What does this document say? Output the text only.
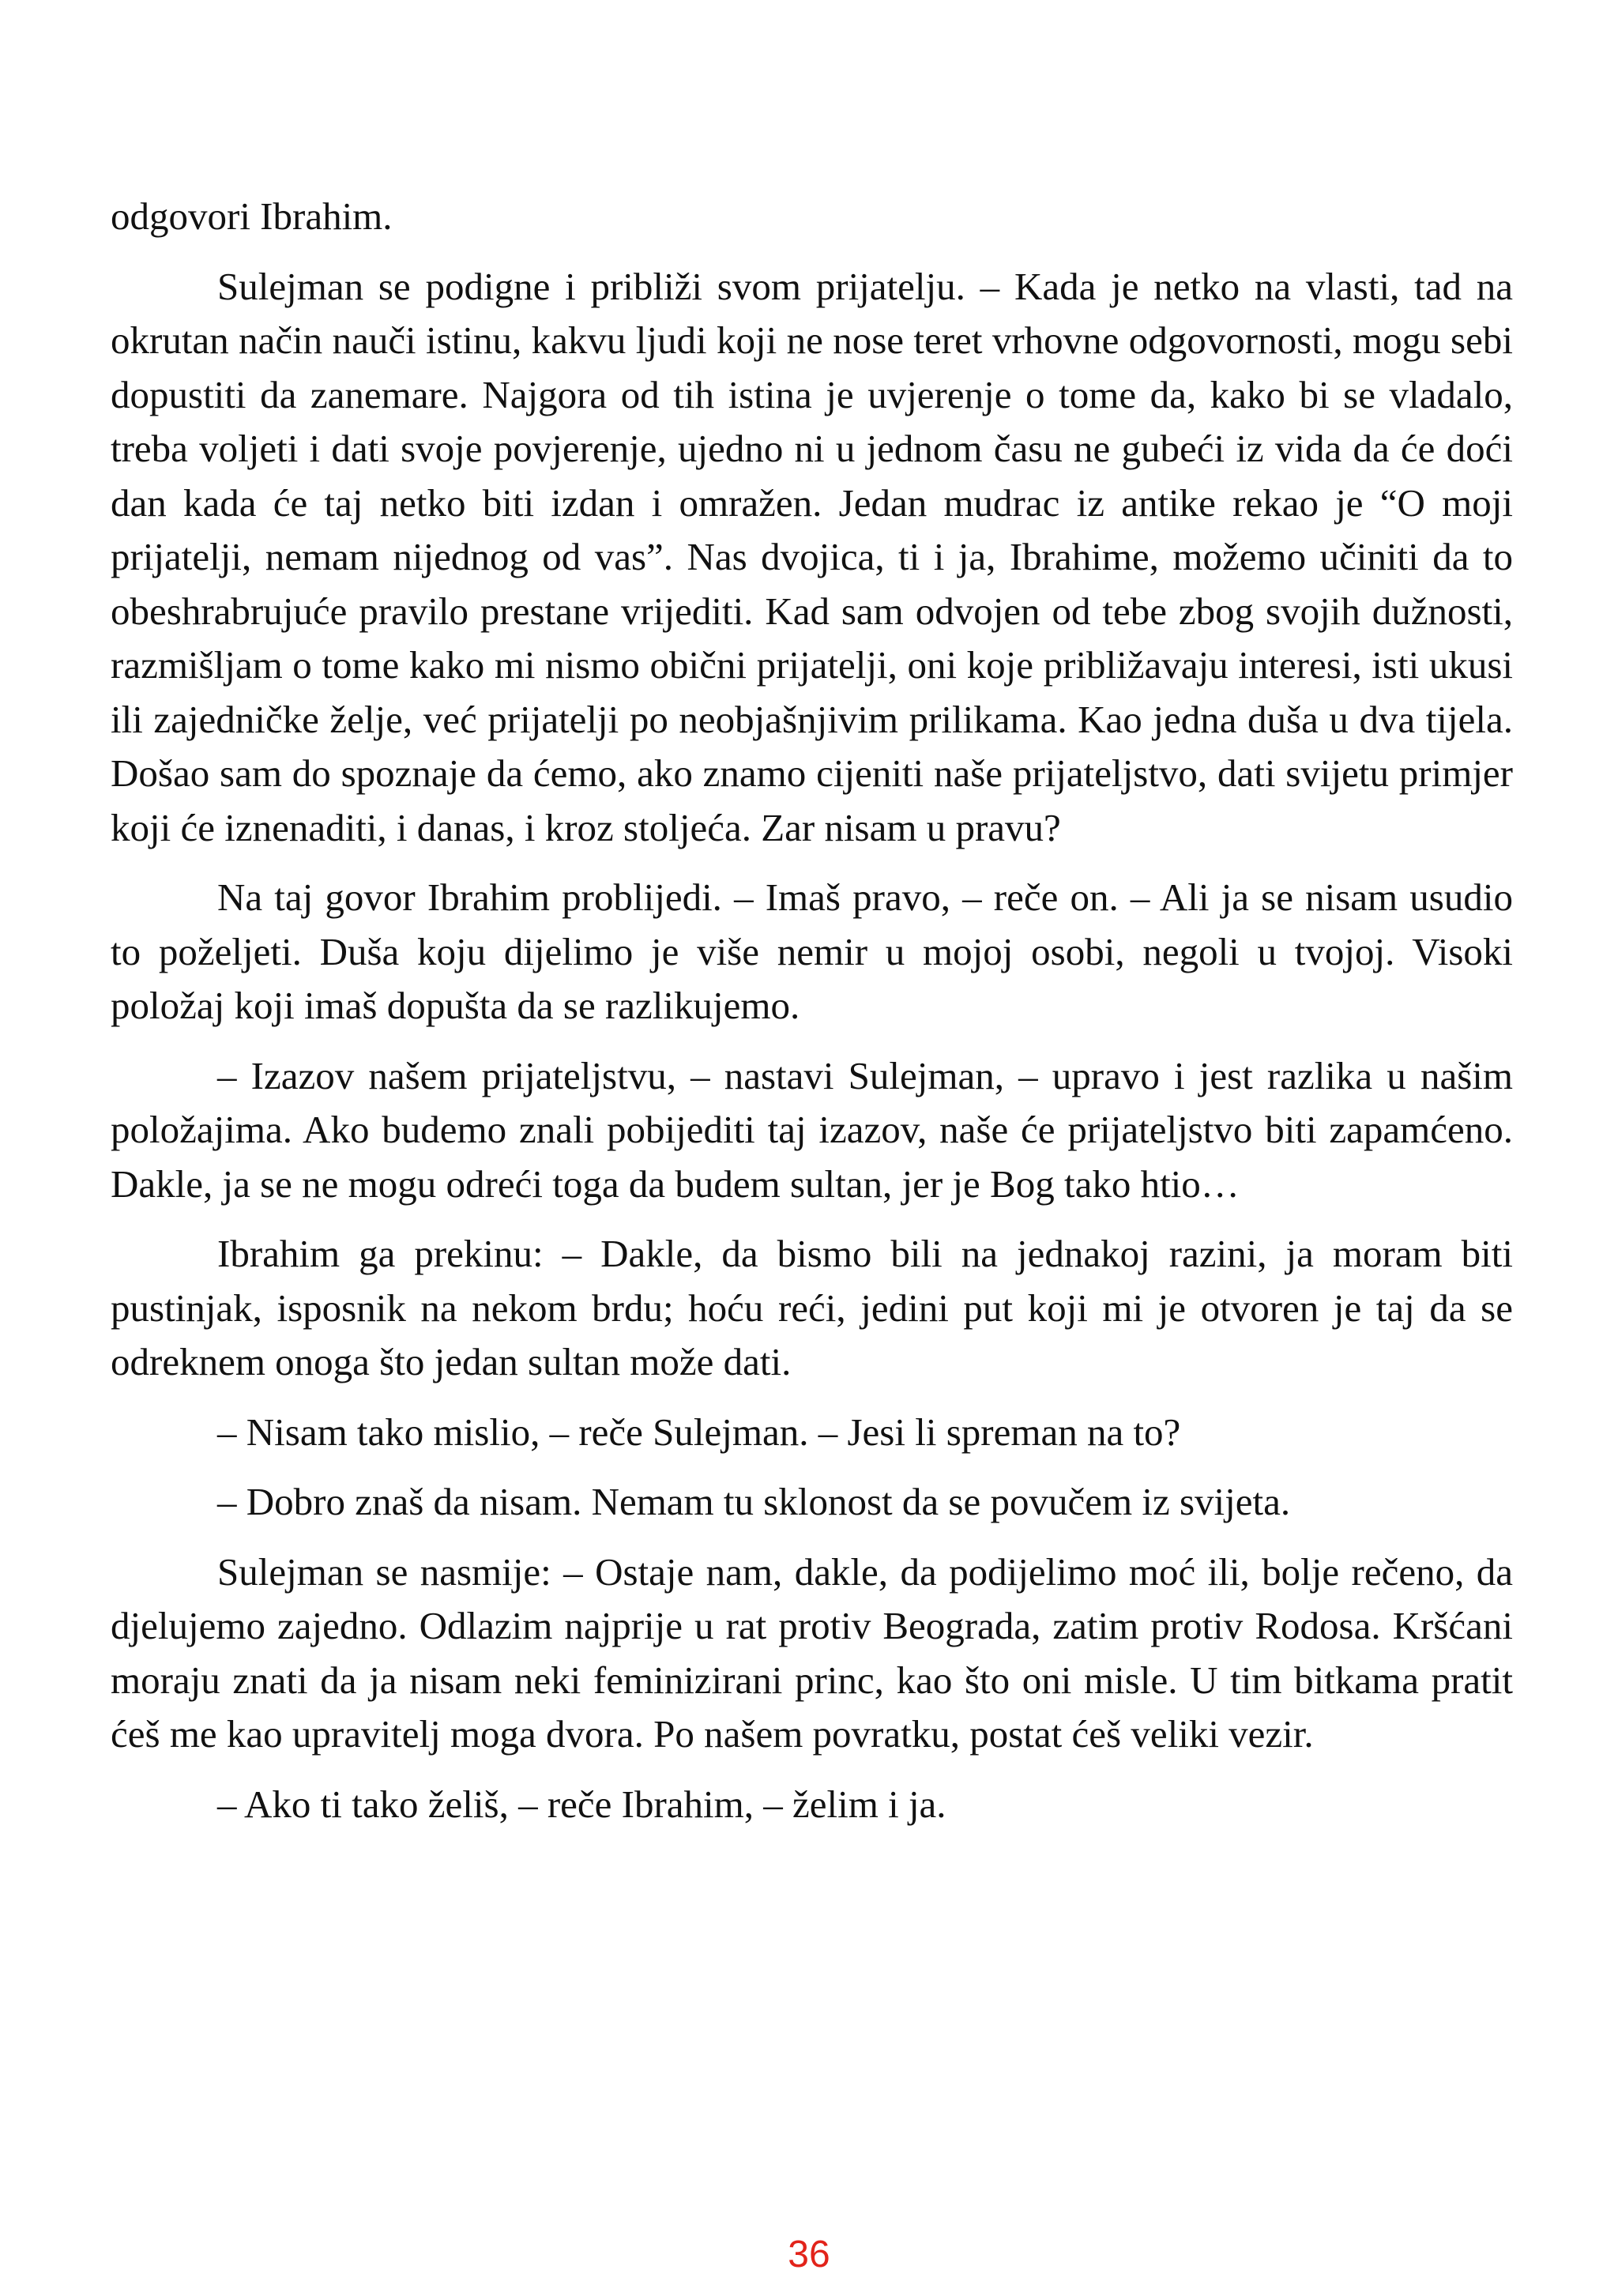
odgovori Ibrahim.

Sulejman se podigne i približi svom prijatelju. – Kada je netko na vlasti, tad na okrutan način nauči istinu, kakvu ljudi koji ne nose teret vrhovne odgovornosti, mogu sebi dopustiti da zanemare. Najgora od tih istina je uvjerenje o tome da, kako bi se vladalo, treba voljeti i dati svoje povjerenje, ujedno ni u jednom času ne gubeći iz vida da će doći dan kada će taj netko biti izdan i omražen. Jedan mudrac iz antike rekao je “O moji prijatelji, nemam nijednog od vas”. Nas dvojica, ti i ja, Ibrahime, možemo učiniti da to obeshrabrujuće pravilo prestane vrijediti. Kad sam odvojen od tebe zbog svojih dužnosti, razmišljam o tome kako mi nismo obični prijatelji, oni koje približavaju interesi, isti ukusi ili zajedničke želje, već prijatelji po neobjašnjivim prilikama. Kao jedna duša u dva tijela. Došao sam do spoznaje da ćemo, ako znamo cijeniti naše prijateljstvo, dati svijetu primjer koji će iznenaditi, i danas, i kroz stoljeća. Zar nisam u pravu?

Na taj govor Ibrahim problijedi. – Imaš pravo, – reče on. – Ali ja se nisam usudio to poželjeti. Duša koju dijelimo je više nemir u mojoj osobi, negoli u tvojoj. Visoki položaj koji imaš dopušta da se razlikujemo.

– Izazov našem prijateljstvu, – nastavi Sulejman, – upravo i jest razlika u našim položajima. Ako budemo znali pobijediti taj izazov, naše će prijateljstvo biti zapamćeno. Dakle, ja se ne mogu odreći toga da budem sultan, jer je Bog tako htio…

Ibrahim ga prekinu: – Dakle, da bismo bili na jednakoj razini, ja moram biti pustinjak, isposnik na nekom brdu; hoću reći, jedini put koji mi je otvoren je taj da se odreknem onoga što jedan sultan može dati.

– Nisam tako mislio, – reče Sulejman. – Jesi li spreman na to?

– Dobro znaš da nisam. Nemam tu sklonost da se povučem iz svijeta.

Sulejman se nasmije: – Ostaje nam, dakle, da podijelimo moć ili, bolje rečeno, da djelujemo zajedno. Odlazim najprije u rat protiv Beograda, zatim protiv Rodosa. Kršćani moraju znati da ja nisam neki feminizirani princ, kao što oni misle. U tim bitkama pratit ćeš me kao upravitelj moga dvora. Po našem povratku, postat ćeš veliki vezir.

– Ako ti tako želiš, – reče Ibrahim, – želim i ja.

36
